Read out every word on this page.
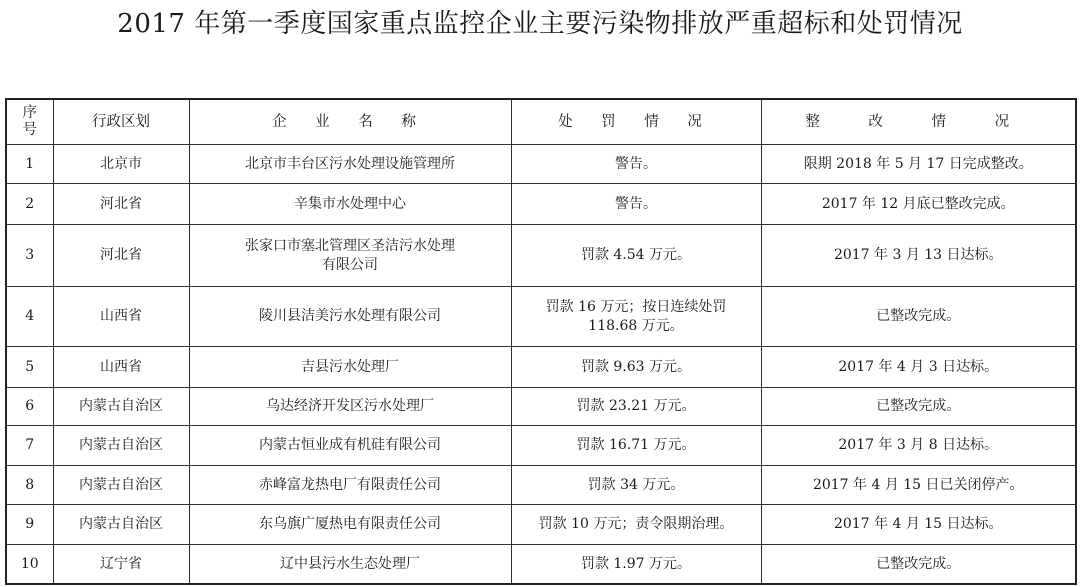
2017 年第一季度国家重点监控企业主要污染物排放严重超标和处罚情况
序
号	行政区划	企 业 名 称	处 罚 情 况	整 改 情 况
1	北京市	北京市丰台区污水处理设施管理所	警告。	限期 2018 年 5 月 17 日完成整改。
2	河北省	辛集市水处理中心	警告。	2017 年 12 月底已整改完成。
3	河北省	张家口市塞北管理区圣洁污水处理
有限公司	罚款 4.54 万元。	2017 年 3 月 13 日达标。
4	山西省	陵川县洁美污水处理有限公司	罚款 16 万元；按日连续处罚
118.68 万元。	已整改完成。
5	山西省	吉县污水处理厂	罚款 9.63 万元。	2017 年 4 月 3 日达标。
6	内蒙古自治区	乌达经济开发区污水处理厂	罚款 23.21 万元。	已整改完成。
7	内蒙古自治区	内蒙古恒业成有机硅有限公司	罚款 16.71 万元。	2017 年 3 月 8 日达标。
8	内蒙古自治区	赤峰富龙热电厂有限责任公司	罚款 34 万元。	2017 年 4 月 15 日已关闭停产。
9	内蒙古自治区	东乌旗广厦热电有限责任公司	罚款 10 万元；责令限期治理。	2017 年 4 月 15 日达标。
10	辽宁省	辽中县污水生态处理厂	罚款 1.97 万元。	已整改完成。
